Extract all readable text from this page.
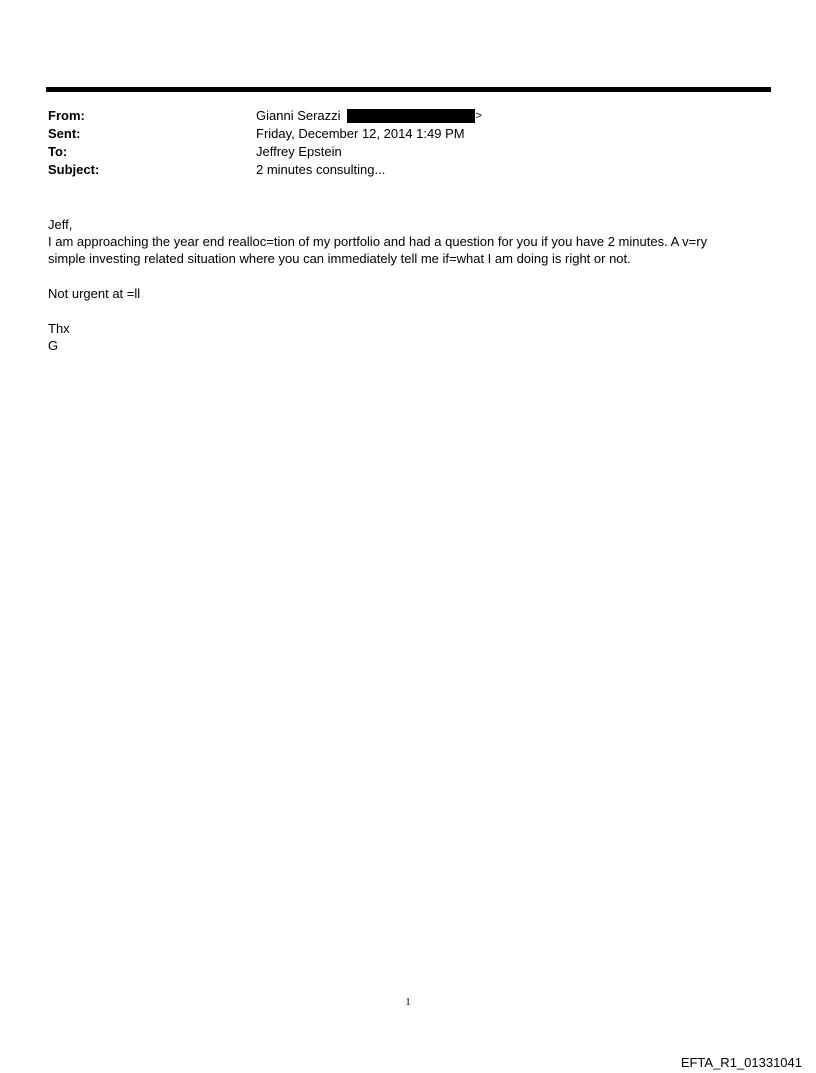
From:	Gianni Serazzi	>
Sent:	Friday, December 12, 2014 1:49 PM
To:	Jeffrey Epstein
Subject:	2 minutes consulting...

Jeff,

I am approaching the year end realloc=tion of my portfolio and had a question for you if you have 2 minutes. A v=ry

simple investing related situation where you can immediately tell me if=what I am doing is right or not.

Not urgent at =ll

Thx

G

1
EFTA_R1_01331041
